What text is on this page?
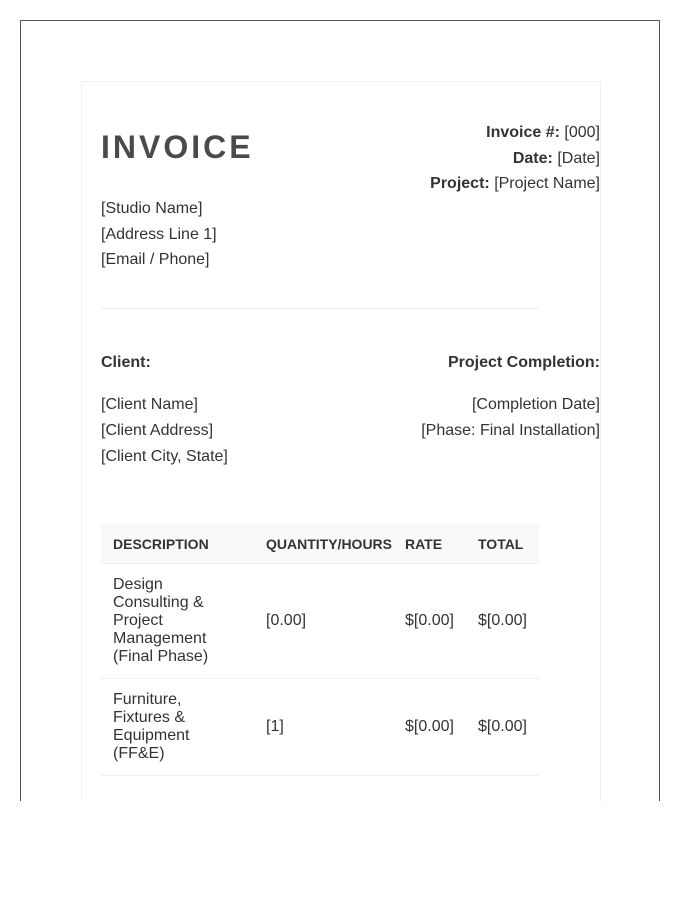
INVOICE	Invoice #: [000]
Date: [Date]
Project: [Project Name]
[Studio Name]
[Address Line 1]
[Email / Phone]
Client:	Project Completion:
[Client Name]
[Client Address]
[Client City, State]
[Completion Date]
[Phase: Final Installation]
DESCRIPTION	QUANTITY/HOURS	RATE	TOTAL
Design Consulting & Project Management (Final Phase)	[0.00]	$[0.00]	$[0.00]
Furniture, Fixtures & Equipment (FF&E)	[1]	$[0.00]	$[0.00]
